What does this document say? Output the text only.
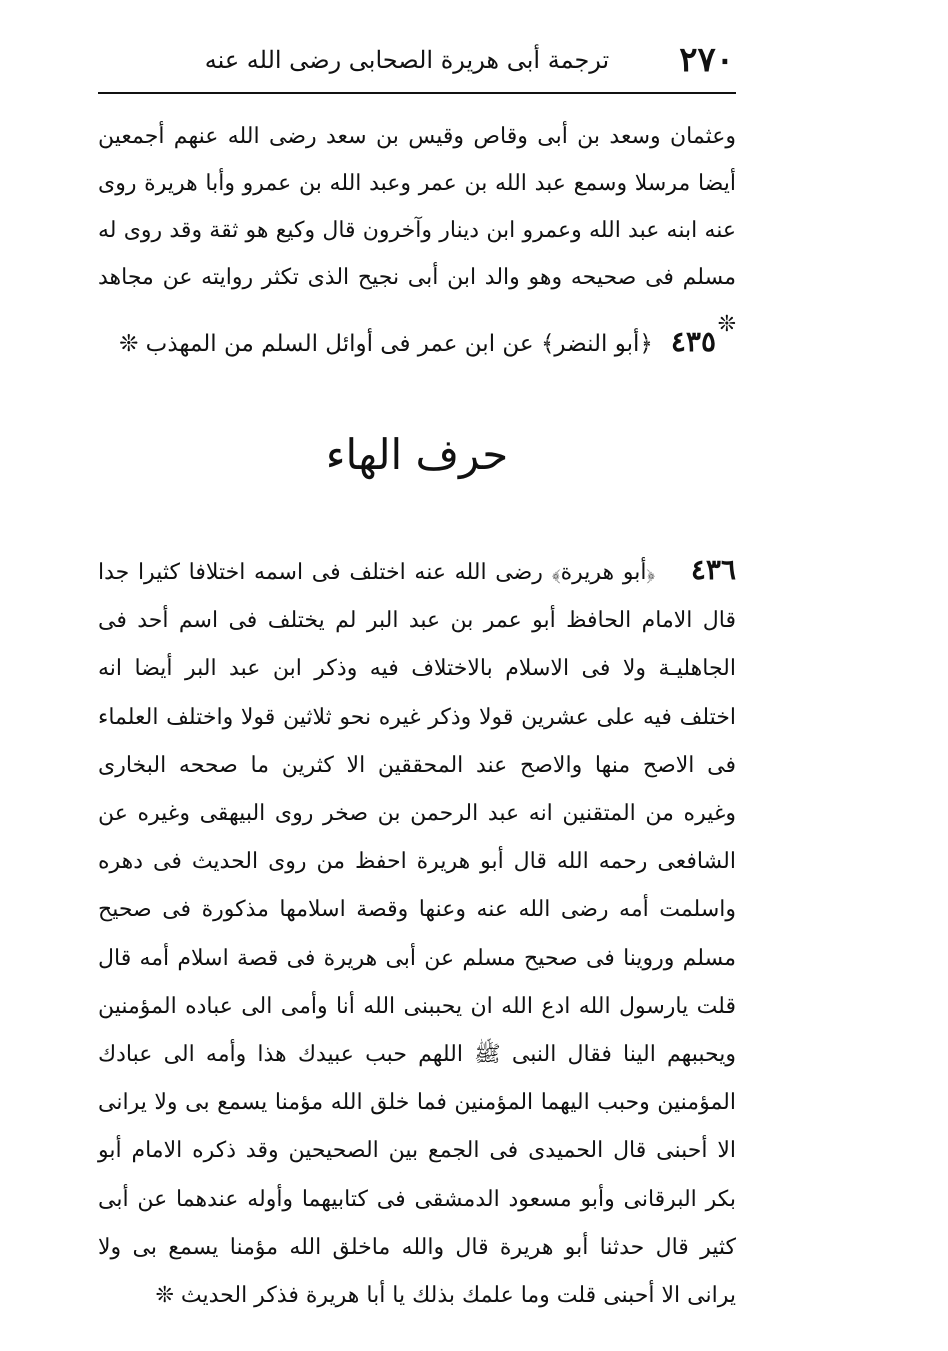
٢٧٠
ترجمة أبى هريرة الصحابى رضى الله عنه
وعثمان وسعد بن أبى وقاص وقيس بن سعد رضى الله عنهم أجمعين أيضا مرسلا وسمع عبد الله بن عمر وعبد الله بن عمرو وأبا هريرة روى عنه ابنه عبد الله وعمرو ابن دينار وآخرون قال وكيع هو ثقة وقد روى له مسلم فى صحيحه وهو والد ابن أبى نجيح الذى تكثر روايته عن مجاهد ❊
٤٣٥﴿أبو النضر﴾ عن ابن عمر فى أوائل السلم من المهذب ❊
حرف الهاء
٤٣٦  ﴿أبو هريرة﴾ رضى الله عنه اختلف فى اسمه اختلافا كثيرا جدا قال الامام الحافظ أبو عمر بن عبد البر لم يختلف فى اسم أحد فى الجاهليـة ولا فى الاسلام بالاختلاف فيه وذكر ابن عبد البر أيضا انه اختلف فيه على عشرين قولا وذكر غيره نحو ثلاثين قولا واختلف العلماء فى الاصح منها والاصح عند المحققين الا كثرين ما صححه البخارى وغيره من المتقنين انه عبد الرحمن بن صخر روى البيهقى وغيره عن الشافعى رحمه الله قال أبو هريرة احفظ من روى الحديث فى دهره واسلمت أمه رضى الله عنه وعنها وقصة اسلامها مذكورة فى صحيح مسلم وروينا فى صحيح مسلم عن أبى هريرة فى قصة اسلام أمه قال قلت يارسول الله ادع الله ان يحببنى الله أنا وأمى الى عباده المؤمنين ويحببهم الينا فقال النبى ﷺ اللهم حبب عبيدك هذا وأمه الى عبادك المؤمنين وحبب اليهما المؤمنين فما خلق الله مؤمنا يسمع بى ولا يرانى الا أحبنى قال الحميدى فى الجمع بين الصحيحين وقد ذكره الامام أبو بكر البرقانى وأبو مسعود الدمشقى فى كتابيهما وأوله عندهما عن أبى كثير قال حدثنا أبو هريرة قال والله ماخلق الله مؤمنا يسمع بى ولا يرانى الا أحبنى قلت وما علمك بذلك يا أبا هريرة فذكر الحديث ❊
